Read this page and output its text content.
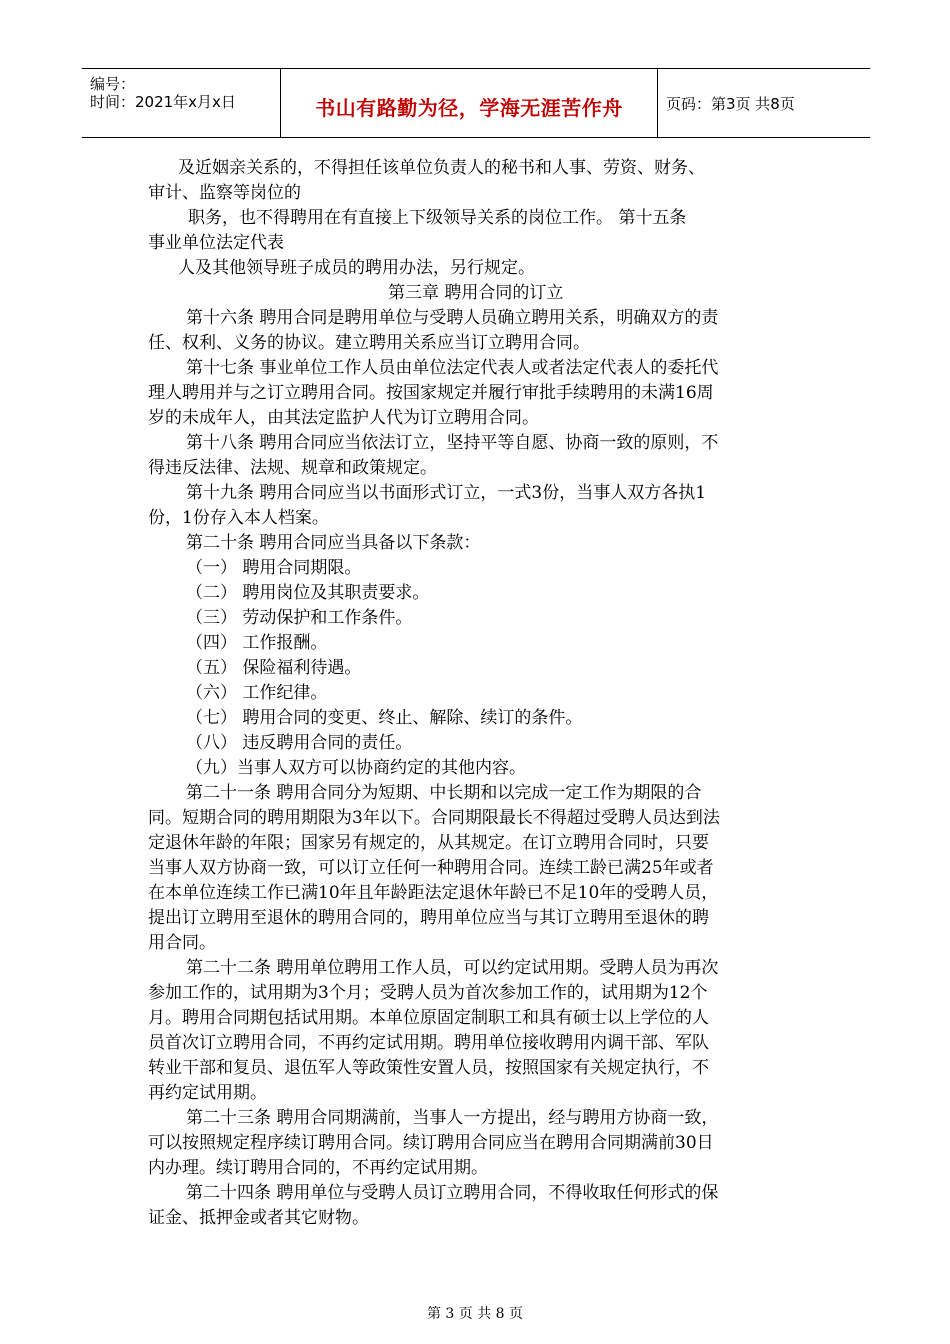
编号：
时间：2021年x月x日	书山有路勤为径，学海无涯苦作舟	页码：第3页 共8页
及近姻亲关系的，不得担任该单位负责人的秘书和人事、劳资、财务、
审计、监察等岗位的
职务，也不得聘用在有直接上下级领导关系的岗位工作。 第十五条
事业单位法定代表
人及其他领导班子成员的聘用办法，另行规定。
第三章 聘用合同的订立
第十六条 聘用合同是聘用单位与受聘人员确立聘用关系，明确双方的责
任、权利、义务的协议。建立聘用关系应当订立聘用合同。
第十七条 事业单位工作人员由单位法定代表人或者法定代表人的委托代
理人聘用并与之订立聘用合同。按国家规定并履行审批手续聘用的未满16周
岁的未成年人，由其法定监护人代为订立聘用合同。
第十八条 聘用合同应当依法订立，坚持平等自愿、协商一致的原则，不
得违反法律、法规、规章和政策规定。
第十九条 聘用合同应当以书面形式订立，一式3份，当事人双方各执1
份，1份存入本人档案。
第二十条 聘用合同应当具备以下条款：
（一） 聘用合同期限。
（二） 聘用岗位及其职责要求。
（三） 劳动保护和工作条件。
（四） 工作报酬。
（五） 保险福利待遇。
（六） 工作纪律。
（七） 聘用合同的变更、终止、解除、续订的条件。
（八） 违反聘用合同的责任。
（九）当事人双方可以协商约定的其他内容。
第二十一条 聘用合同分为短期、中长期和以完成一定工作为期限的合
同。短期合同的聘用期限为3年以下。合同期限最长不得超过受聘人员达到法
定退休年龄的年限；国家另有规定的，从其规定。在订立聘用合同时，只要
当事人双方协商一致，可以订立任何一种聘用合同。连续工龄已满25年或者
在本单位连续工作已满10年且年龄距法定退休年龄已不足10年的受聘人员，
提出订立聘用至退休的聘用合同的，聘用单位应当与其订立聘用至退休的聘
用合同。
第二十二条 聘用单位聘用工作人员，可以约定试用期。受聘人员为再次
参加工作的，试用期为3个月；受聘人员为首次参加工作的，试用期为12个
月。聘用合同期包括试用期。本单位原固定制职工和具有硕士以上学位的人
员首次订立聘用合同，不再约定试用期。聘用单位接收聘用内调干部、军队
转业干部和复员、退伍军人等政策性安置人员，按照国家有关规定执行，不
再约定试用期。
第二十三条 聘用合同期满前，当事人一方提出，经与聘用方协商一致，
可以按照规定程序续订聘用合同。续订聘用合同应当在聘用合同期满前30日
内办理。续订聘用合同的，不再约定试用期。
第二十四条 聘用单位与受聘人员订立聘用合同，不得收取任何形式的保
证金、抵押金或者其它财物。
第 3 页 共 8 页
